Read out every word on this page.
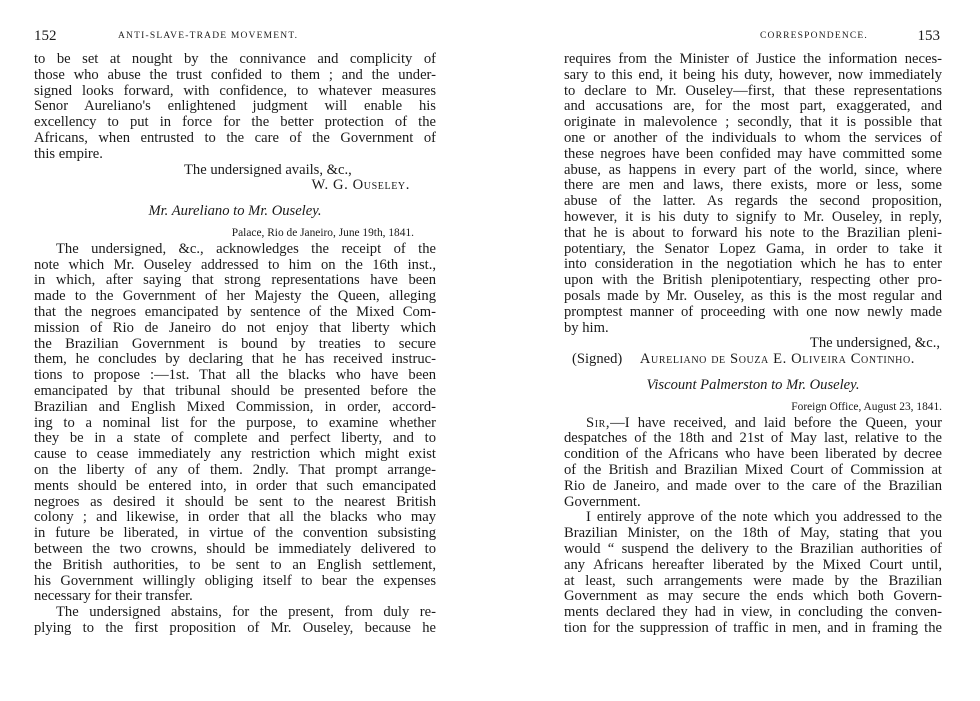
152	ANTI-SLAVE-TRADE MOVEMENT.
to be set at nought by the connivance and complicity of
those who abuse the trust confided to them ; and the under-
signed looks forward, with confidence, to whatever measures
Senor Aureliano's enlightened judgment will enable his
excellency to put in force for the better protection of the
Africans, when entrusted to the care of the Government of
this empire.
The undersigned avails, &c.,
W. G. Ouseley.
Mr. Aureliano to Mr. Ouseley.
Palace, Rio de Janeiro, June 19th, 1841.
The undersigned, &c., acknowledges the receipt of the
note which Mr. Ouseley addressed to him on the 16th inst.,
in which, after saying that strong representations have been
made to the Government of her Majesty the Queen, alleging
that the negroes emancipated by sentence of the Mixed Com-
mission of Rio de Janeiro do not enjoy that liberty which
the Brazilian Government is bound by treaties to secure
them, he concludes by declaring that he has received instruc-
tions to propose :—1st. That all the blacks who have been
emancipated by that tribunal should be presented before the
Brazilian and English Mixed Commission, in order, accord-
ing to a nominal list for the purpose, to examine whether
they be in a state of complete and perfect liberty, and to
cause to cease immediately any restriction which might exist
on the liberty of any of them. 2ndly. That prompt arrange-
ments should be entered into, in order that such emancipated
negroes as desired it should be sent to the nearest British
colony ; and likewise, in order that all the blacks who may
in future be liberated, in virtue of the convention subsisting
between the two crowns, should be immediately delivered to
the British authorities, to be sent to an English settlement,
his Government willingly obliging itself to bear the expenses
necessary for their transfer.
The undersigned abstains, for the present, from duly re-
plying to the first proposition of Mr. Ouseley, because he
CORRESPONDENCE.	153
requires from the Minister of Justice the information neces-
sary to this end, it being his duty, however, now immediately
to declare to Mr. Ouseley—first, that these representations
and accusations are, for the most part, exaggerated, and
originate in malevolence ; secondly, that it is possible that
one or another of the individuals to whom the services of
these negroes have been confided may have committed some
abuse, as happens in every part of the world, since, where
there are men and laws, there exists, more or less, some
abuse of the latter. As regards the second proposition,
however, it is his duty to signify to Mr. Ouseley, in reply,
that he is about to forward his note to the Brazilian pleni-
potentiary, the Senator Lopez Gama, in order to take it
into consideration in the negotiation which he has to enter
upon with the British plenipotentiary, respecting other pro-
posals made by Mr. Ouseley, as this is the most regular and
promptest manner of proceeding with one now newly made
by him.
The undersigned, &c.,
(Signed) Aureliano de Souza E. Oliveira Continho.
Viscount Palmerston to Mr. Ouseley.
Foreign Office, August 23, 1841.
Sir,—I have received, and laid before the Queen, your
despatches of the 18th and 21st of May last, relative to the
condition of the Africans who have been liberated by decree
of the British and Brazilian Mixed Court of Commission at
Rio de Janeiro, and made over to the care of the Brazilian
Government.
I entirely approve of the note which you addressed to the
Brazilian Minister, on the 18th of May, stating that you
would “ suspend the delivery to the Brazilian authorities of
any Africans hereafter liberated by the Mixed Court until,
at least, such arrangements were made by the Brazilian
Government as may secure the ends which both Govern-
ments declared they had in view, in concluding the conven-
tion for the suppression of traffic in men, and in framing the
